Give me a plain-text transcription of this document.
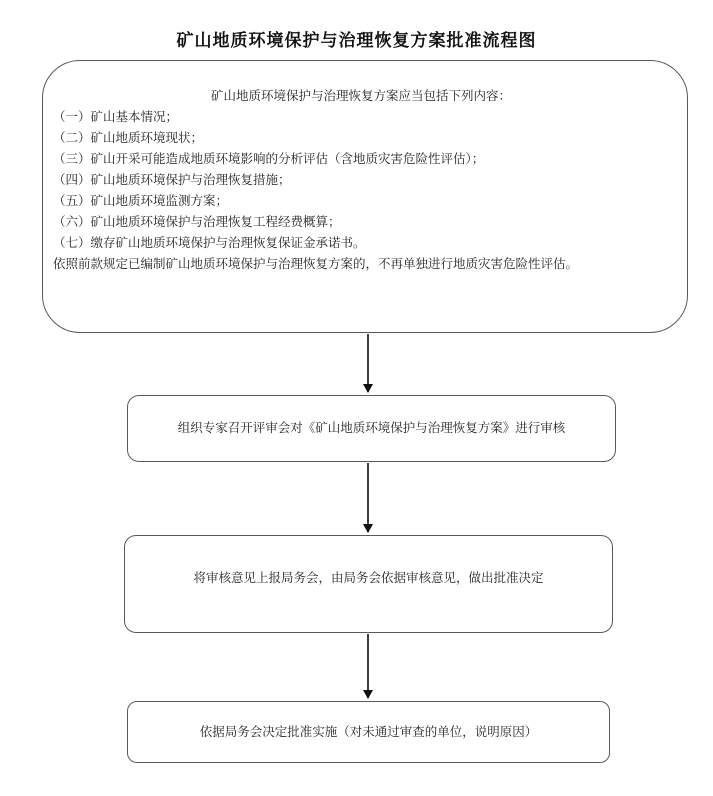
矿山地质环境保护与治理恢复方案批准流程图
矿山地质环境保护与治理恢复方案应当包括下列内容：
（一）矿山基本情况；
（二）矿山地质环境现状；
（三）矿山开采可能造成地质环境影响的分析评估（含地质灾害危险性评估）；
（四）矿山地质环境保护与治理恢复措施；
（五）矿山地质环境监测方案；
（六）矿山地质环境保护与治理恢复工程经费概算；
（七）缴存矿山地质环境保护与治理恢复保证金承诺书。
依照前款规定已编制矿山地质环境保护与治理恢复方案的，不再单独进行地质灾害危险性评估。
组织专家召开评审会对《矿山地质环境保护与治理恢复方案》进行审核
将审核意见上报局务会，由局务会依据审核意见，做出批准决定
依据局务会决定批准实施（对未通过审查的单位，说明原因）
